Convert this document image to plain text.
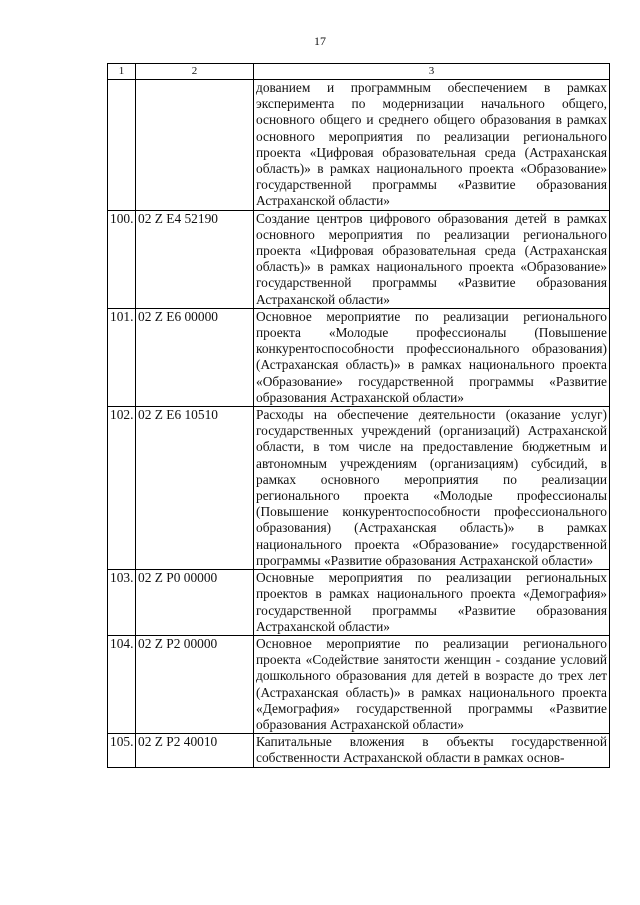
17
1	2	3
		дованием и программным обеспечением в рамках эксперимента по модернизации начального общего, основного общего и среднего общего образования в рамках основного мероприятия по реализации регионального проекта «Цифровая образовательная среда (Астраханская область)» в рамках национального проекта «Образование» государственной программы «Развитие образования Астраханской области»
100.	02 Z E4 52190	Создание центров цифрового образования детей в рамках основного мероприятия по реализации регионального проекта «Цифровая образовательная среда (Астраханская область)» в рамках национального проекта «Образование» государственной программы «Развитие образования Астраханской области»
101.	02 Z E6 00000	Основное мероприятие по реализации регионального проекта «Молодые профессионалы (Повышение конкурентоспособности профессионального образования) (Астраханская область)» в рамках национального проекта «Образование» государственной программы «Развитие образования Астраханской области»
102.	02 Z E6 10510	Расходы на обеспечение деятельности (оказание услуг) государственных учреждений (организаций) Астраханской области, в том числе на предоставление бюджетным и автономным учреждениям (организациям) субсидий, в рамках основного мероприятия по реализации регионального проекта «Молодые профессионалы (Повышение конкурентоспособности профессионального образования) (Астраханская область)» в рамках национального проекта «Образование» государственной программы «Развитие образования Астраханской области»
103.	02 Z P0 00000	Основные мероприятия по реализации региональных проектов в рамках национального проекта «Демография» государственной программы «Развитие образования Астраханской области»
104.	02 Z P2 00000	Основное мероприятие по реализации регионального проекта «Содействие занятости женщин - создание условий дошкольного образования для детей в возрасте до трех лет (Астраханская область)» в рамках национального проекта «Демография» государственной программы «Развитие образования Астраханской области»
105.	02 Z P2 40010	Капитальные вложения в объекты государственной собственности Астраханской области в рамках основ-
